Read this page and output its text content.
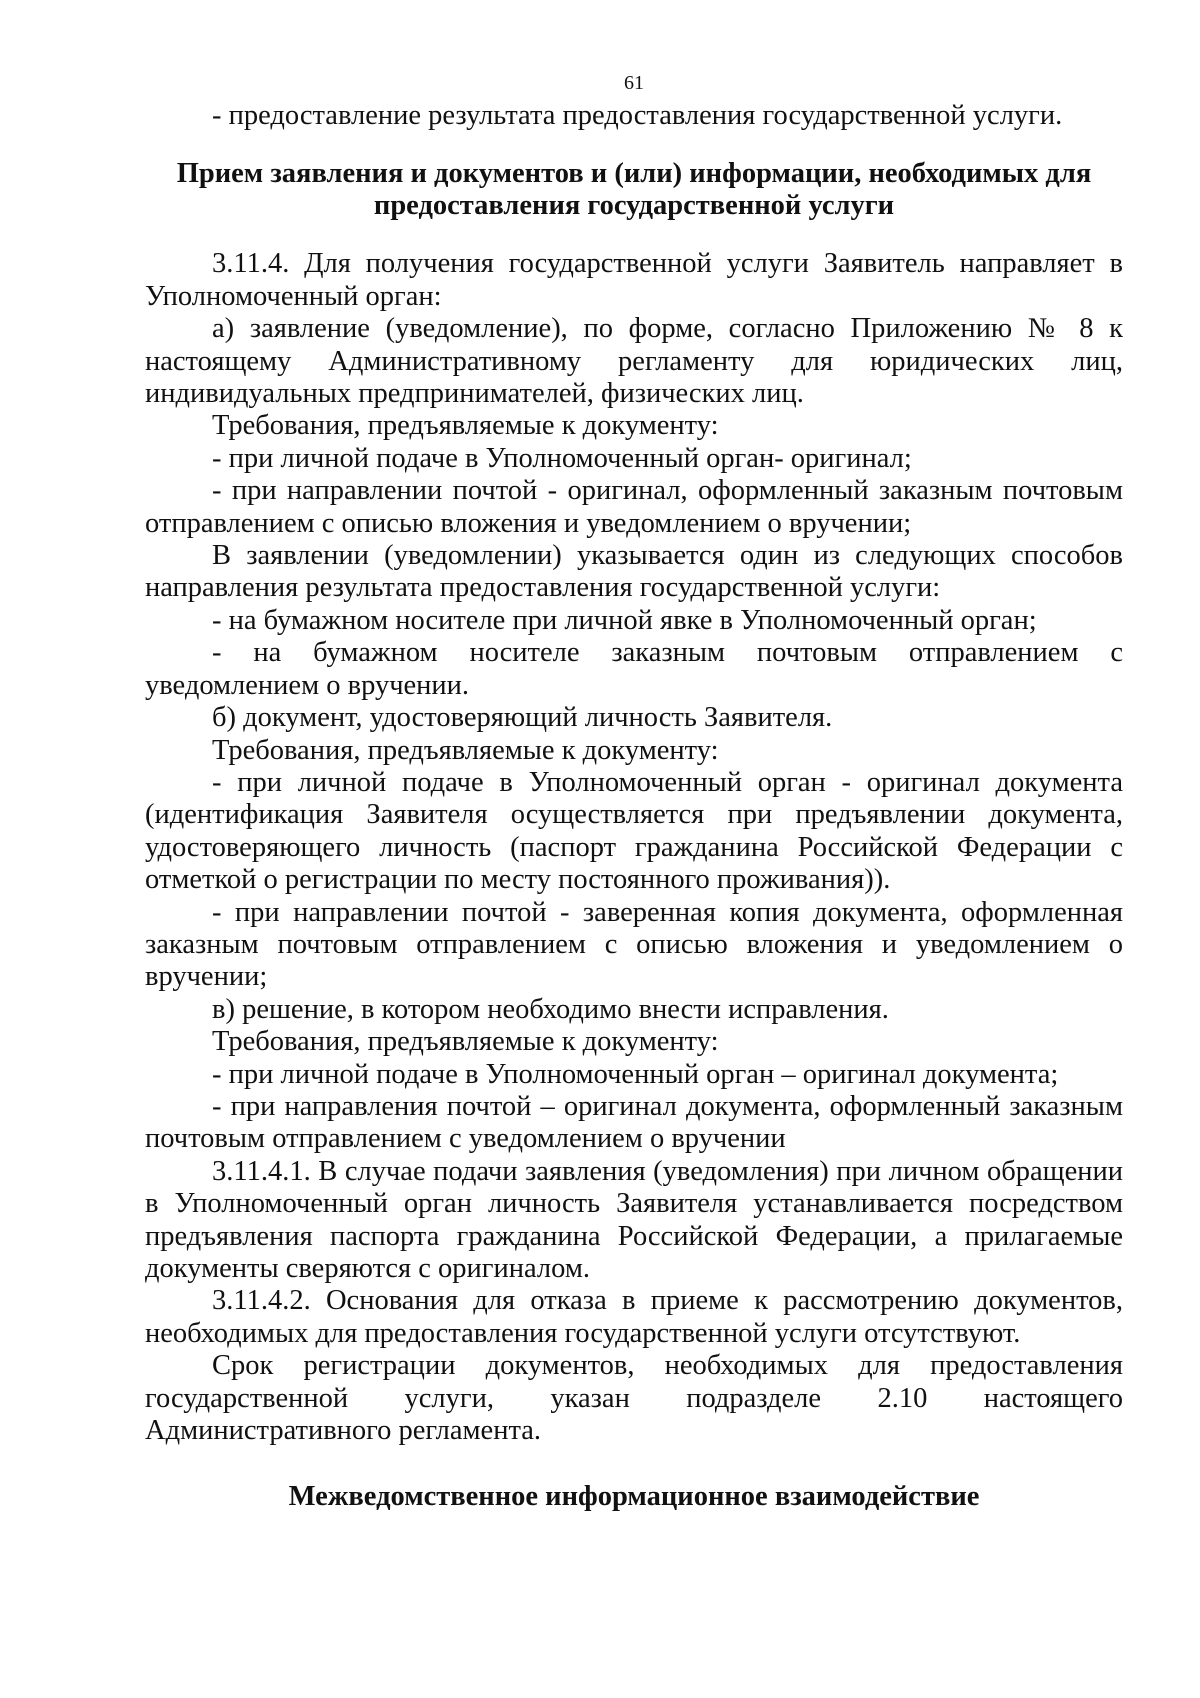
61

- предоставление результата предоставления государственной услуги.

Прием заявления и документов и (или) информации, необходимых для предоставления государственной услуги

3.11.4. Для получения государственной услуги Заявитель направляет в Уполномоченный орган:

а) заявление (уведомление), по форме, согласно Приложению № 8 к настоящему Административному регламенту для юридических лиц, индивидуальных предпринимателей, физических лиц.

Требования, предъявляемые к документу:

- при личной подаче в Уполномоченный орган- оригинал;

- при направлении почтой - оригинал, оформленный заказным почтовым отправлением с описью вложения и уведомлением о вручении;

В заявлении (уведомлении) указывается один из следующих способов направления результата предоставления государственной услуги:

- на бумажном носителе при личной явке в Уполномоченный орган;

- на бумажном носителе заказным почтовым отправлением с уведомлением о вручении.

б) документ, удостоверяющий личность Заявителя.

Требования, предъявляемые к документу:

- при личной подаче в Уполномоченный орган - оригинал документа (идентификация Заявителя осуществляется при предъявлении документа, удостоверяющего личность (паспорт гражданина Российской Федерации с отметкой о регистрации по месту постоянного проживания)).

- при направлении почтой - заверенная копия документа, оформленная заказным почтовым отправлением с описью вложения и уведомлением о вручении;

в) решение, в котором необходимо внести исправления.

Требования, предъявляемые к документу:

- при личной подаче в Уполномоченный орган – оригинал документа;

- при направления почтой – оригинал документа, оформленный заказным почтовым отправлением с уведомлением о вручении

3.11.4.1. В случае подачи заявления (уведомления) при личном обращении в Уполномоченный орган личность Заявителя устанавливается посредством предъявления паспорта гражданина Российской Федерации, а прилагаемые документы сверяются с оригиналом.

3.11.4.2. Основания для отказа в приеме к рассмотрению документов, необходимых для предоставления государственной услуги отсутствуют.

Срок регистрации документов, необходимых для предоставления государственной услуги, указан подразделе 2.10 настоящего Административного регламента.

Межведомственное информационное взаимодействие
